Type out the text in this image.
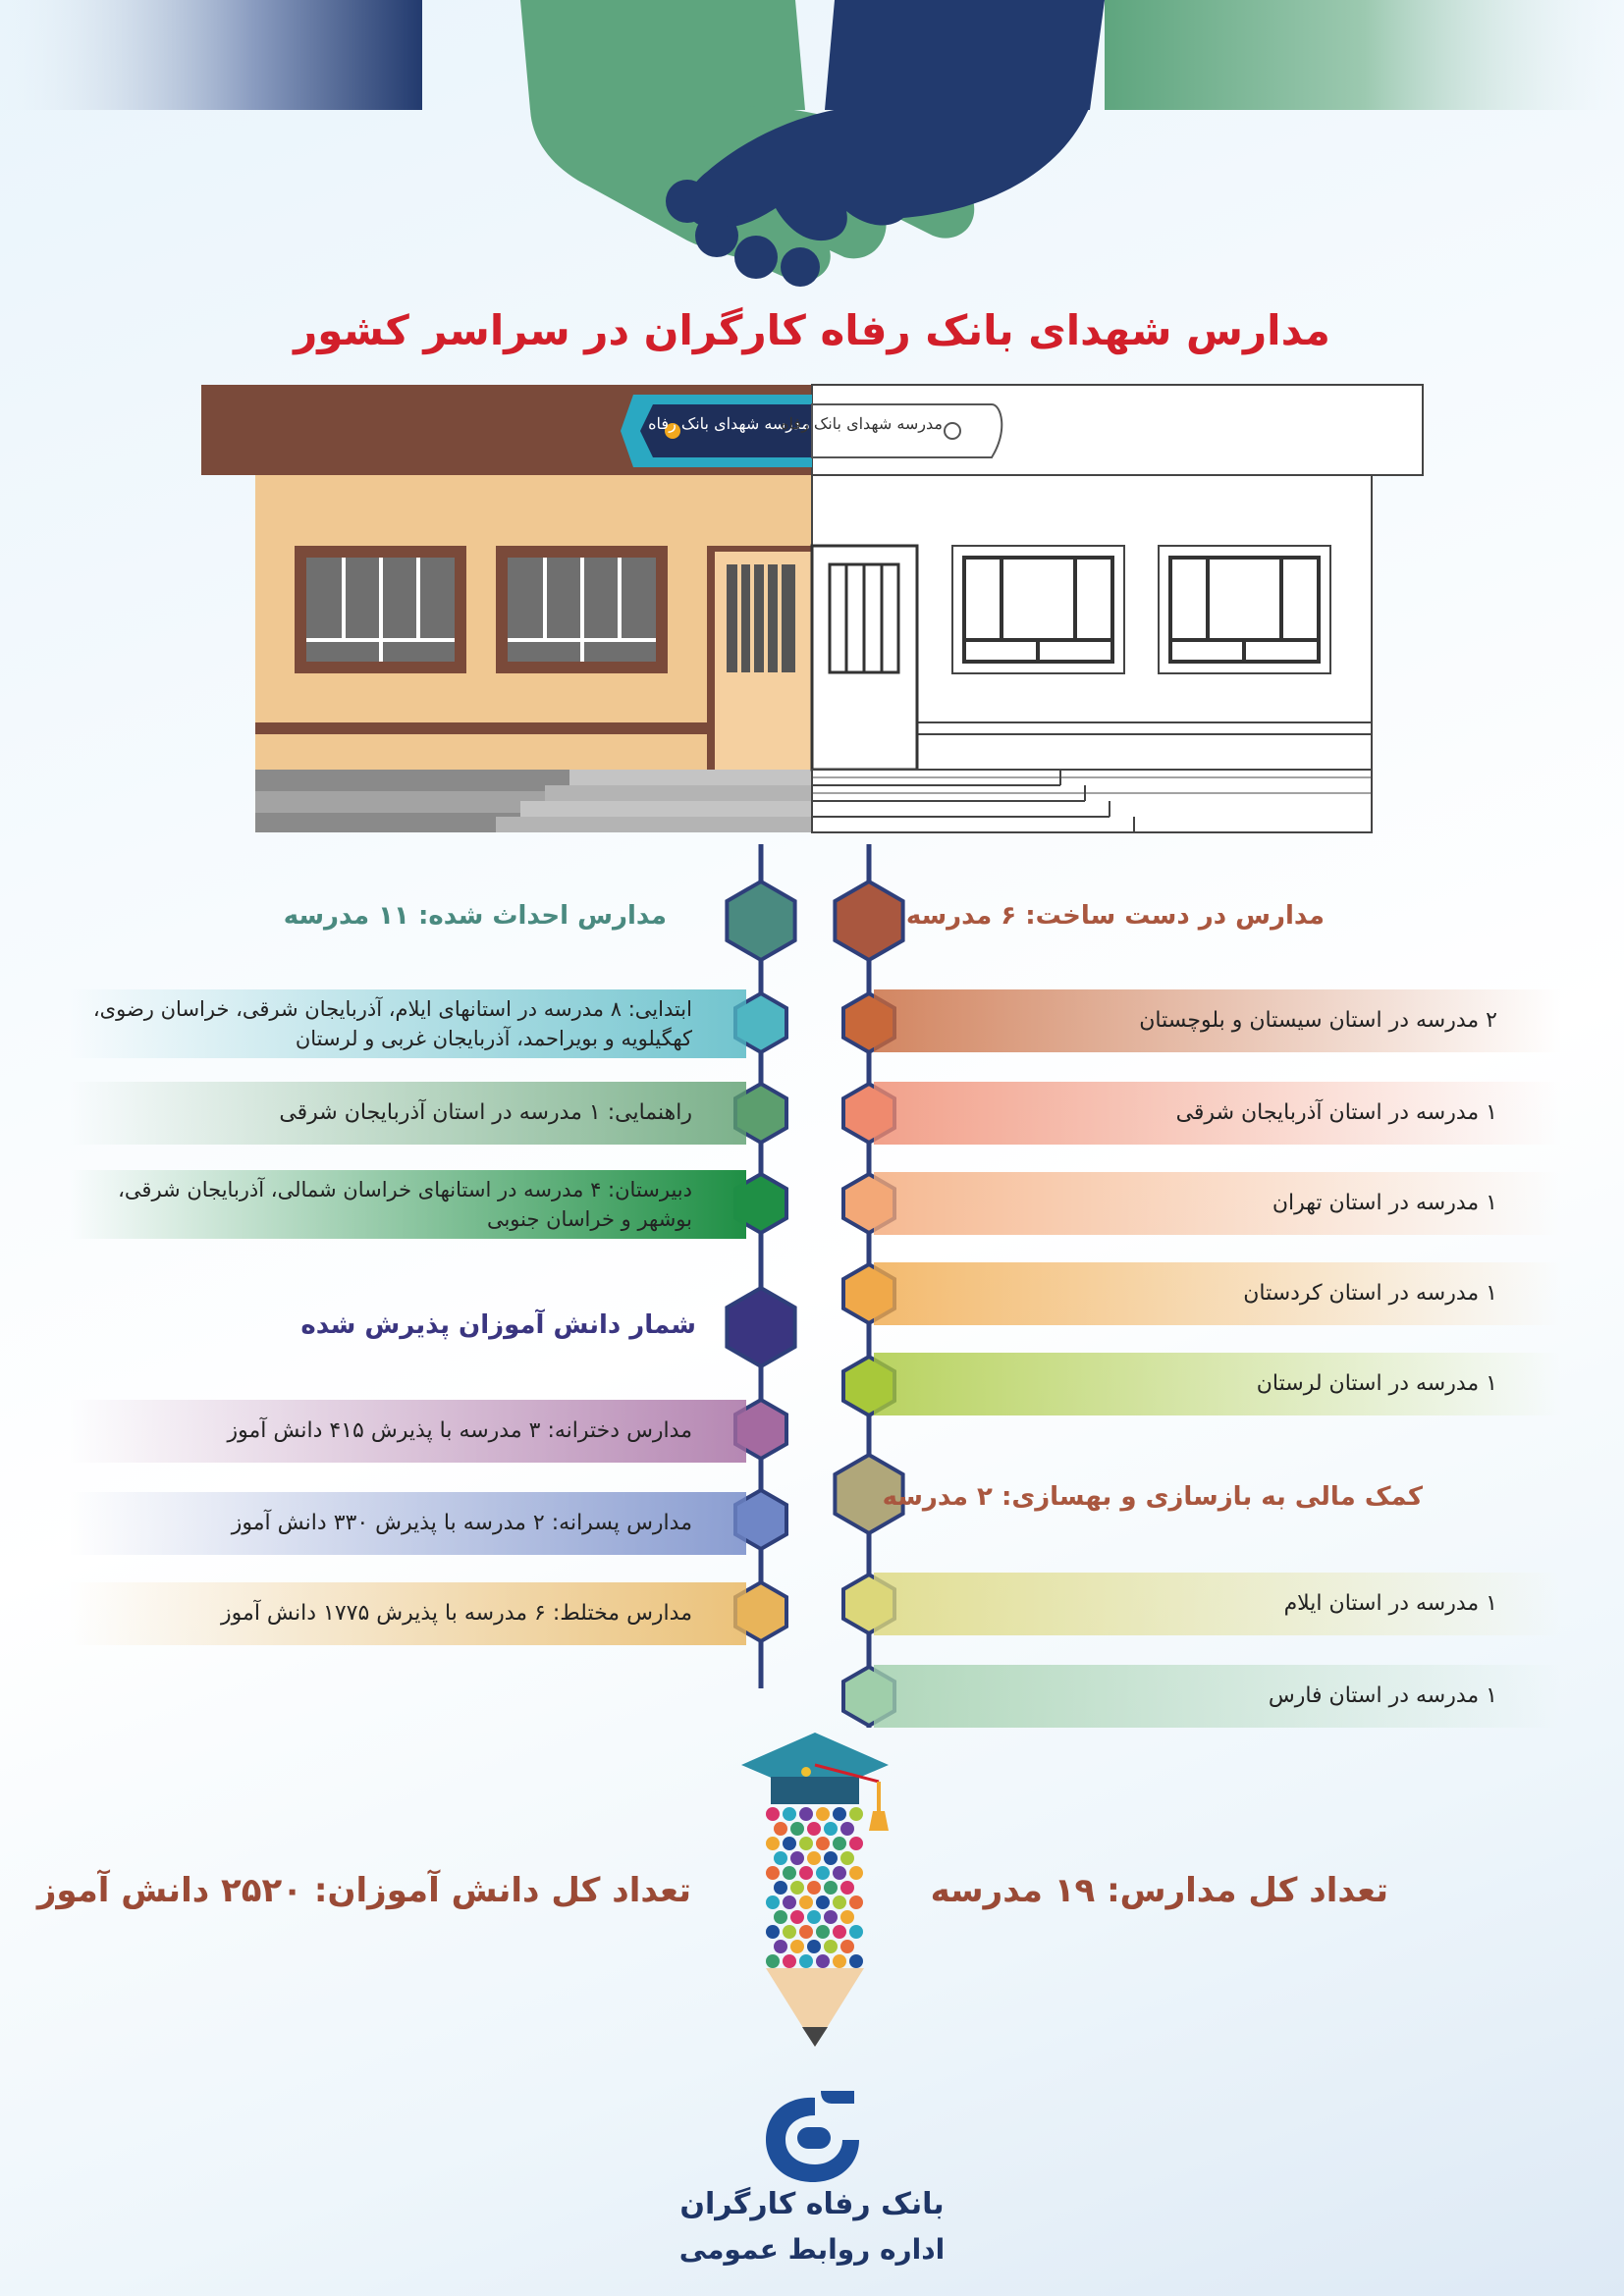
مدارس شهدای بانک رفاه کارگران در سراسر کشور
مدرسه شهدای بانک رفاه
مدرسه شهدای بانک رفاه
مدارس احداث شده: ۱۱ مدرسه
ابتدایی: ۸ مدرسه در استانهای ایلام، آذربایجان شرقی، خراسان رضوی، کهگیلویه و بویراحمد، آذربایجان غربی و لرستان
راهنمایی: ۱ مدرسه در استان آذربایجان شرقی
دبیرستان: ۴ مدرسه در استانهای خراسان شمالی، آذربایجان شرقی، بوشهر و خراسان جنوبی
شمار دانش آموزان پذیرش شده
مدارس دخترانه: ۳ مدرسه با پذیرش ۴۱۵ دانش آموز
مدارس پسرانه: ۲ مدرسه با پذیرش ۳۳۰ دانش آموز
مدارس مختلط: ۶ مدرسه با پذیرش ۱۷۷۵ دانش آموز
مدارس در دست ساخت: ۶ مدرسه
۲ مدرسه در استان سیستان و بلوچستان
۱ مدرسه در استان آذربایجان شرقی
۱ مدرسه در استان تهران
۱ مدرسه در استان کردستان
۱ مدرسه در استان لرستان
کمک مالی به بازسازی و بهسازی: ۲ مدرسه
۱ مدرسه در استان ایلام
۱ مدرسه در استان فارس
تعداد کل دانش آموزان: ۲۵۲۰ دانش آموز	تعداد کل مدارس: ۱۹ مدرسه
بانک رفاه کارگران
اداره روابط عمومی
